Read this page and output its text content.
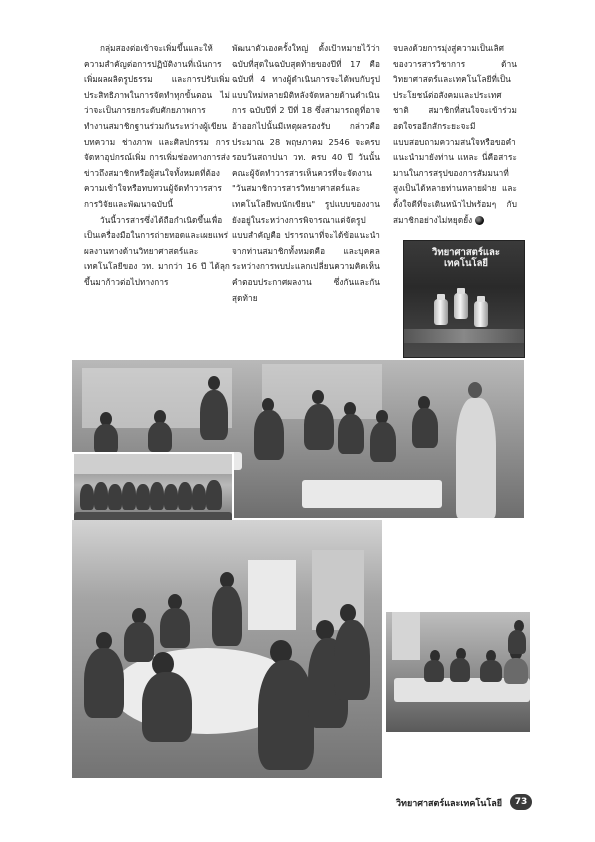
กลุ่มสองต่อเข้าจะเพิ่มขึ้นและให้ความสำคัญต่อการปฏิบัติงานที่เน้นการเพิ่มผลผลิตรูปธรรม และการปรับเพิ่มประสิทธิภาพในการจัดทำทุกขั้นตอน ไม่ว่าจะเป็นการยกระดับศักยภาพการทำงานสมาชิกฐานร่วมกันระหว่างผู้เขียนบทความ ช่างภาพ และศิลปกรรม การจัดหาอุปกรณ์เพิ่ม การเพิ่มช่องทางการส่งข่าวถึงสมาชิกหรือผู้สนใจทั้งหมดที่ต้องความเข้าใจหรือทบทวนผู้จัดทำวารสารการวิจัยและพัฒนาฉบับนี้

วันนี้วารสารซึ่งได้ถือกำเนิดขึ้นเพื่อเป็นเครื่องมือในการถ่ายทอดและเผยแพร่ผลงานทางด้านวิทยาศาสตร์และเทคโนโลยีของ วท. มากว่า 16 ปี ได้ลุกขึ้นมาก้าวต่อไปทางการ

พัฒนาตัวเองครั้งใหญ่ ตั้งเป้าหมายไว้ว่าฉบับที่สุดในฉบับสุดท้ายของปีที่ 17 คือฉบับที่ 4 ทางผู้ดำเนินการจะได้พบกับรูปแบบใหม่หลายมิติหลังจัดหลายด้านดำเนินการ ฉบับปีที่ 2 ปีที่ 18 ซึ่งสามารถดูที่อาจอ้าออกไปนั้นมีเหตุผลรองรับ กล่าวคือประมาณ 28 พฤษภาคม 2546 จะครบรอบวันสถาปนา วท. ครบ 40 ปี วันนั้นคณะผู้จัดทำวารสารเห็นควรที่จะจัดงาน "วันสมาชิกวารสารวิทยาศาสตร์และเทคโนโลยีพบนักเขียน" รูปแบบของงานยังอยู่ในระหว่างการพิจารณาแต่จัดรูปแบบสำคัญคือ ปรารถนาที่จะได้ข้อแนะนำจากท่านสมาชิกทั้งหมดคือ และบุคคลระหว่างการพบปะแลกเปลี่ยนความคิดเห็น คำตอบประกาศผลงาน ซึ่งกันและกัน สุดท้าย

จบลงด้วยการมุ่งสู่ความเป็นเลิศของวารสารวิชาการ ด้านวิทยาศาสตร์และเทคโนโลยีที่เป็นประโยชน์ต่อสังคมและประเทศชาติ สมาชิกที่สนใจจะเข้าร่วม อดใจรออีกสักระยะจะมีแบบสอบถามความสนใจหรือขอคำแนะนำมายังท่าน แหละ นี่คือสาระมานในการสรุปของการสัมมนาที่สูงเป็นได้หลายท่านหลายฝ่าย และตั้งใจดีที่จะเดินหน้าไปพร้อมๆ กับสมาชิกอย่างไม่หยุดยั้ง

วิทยาศาสตร์และเทคโนโลยี
วิทยาศาสตร์และเทคโนโลยี	73
